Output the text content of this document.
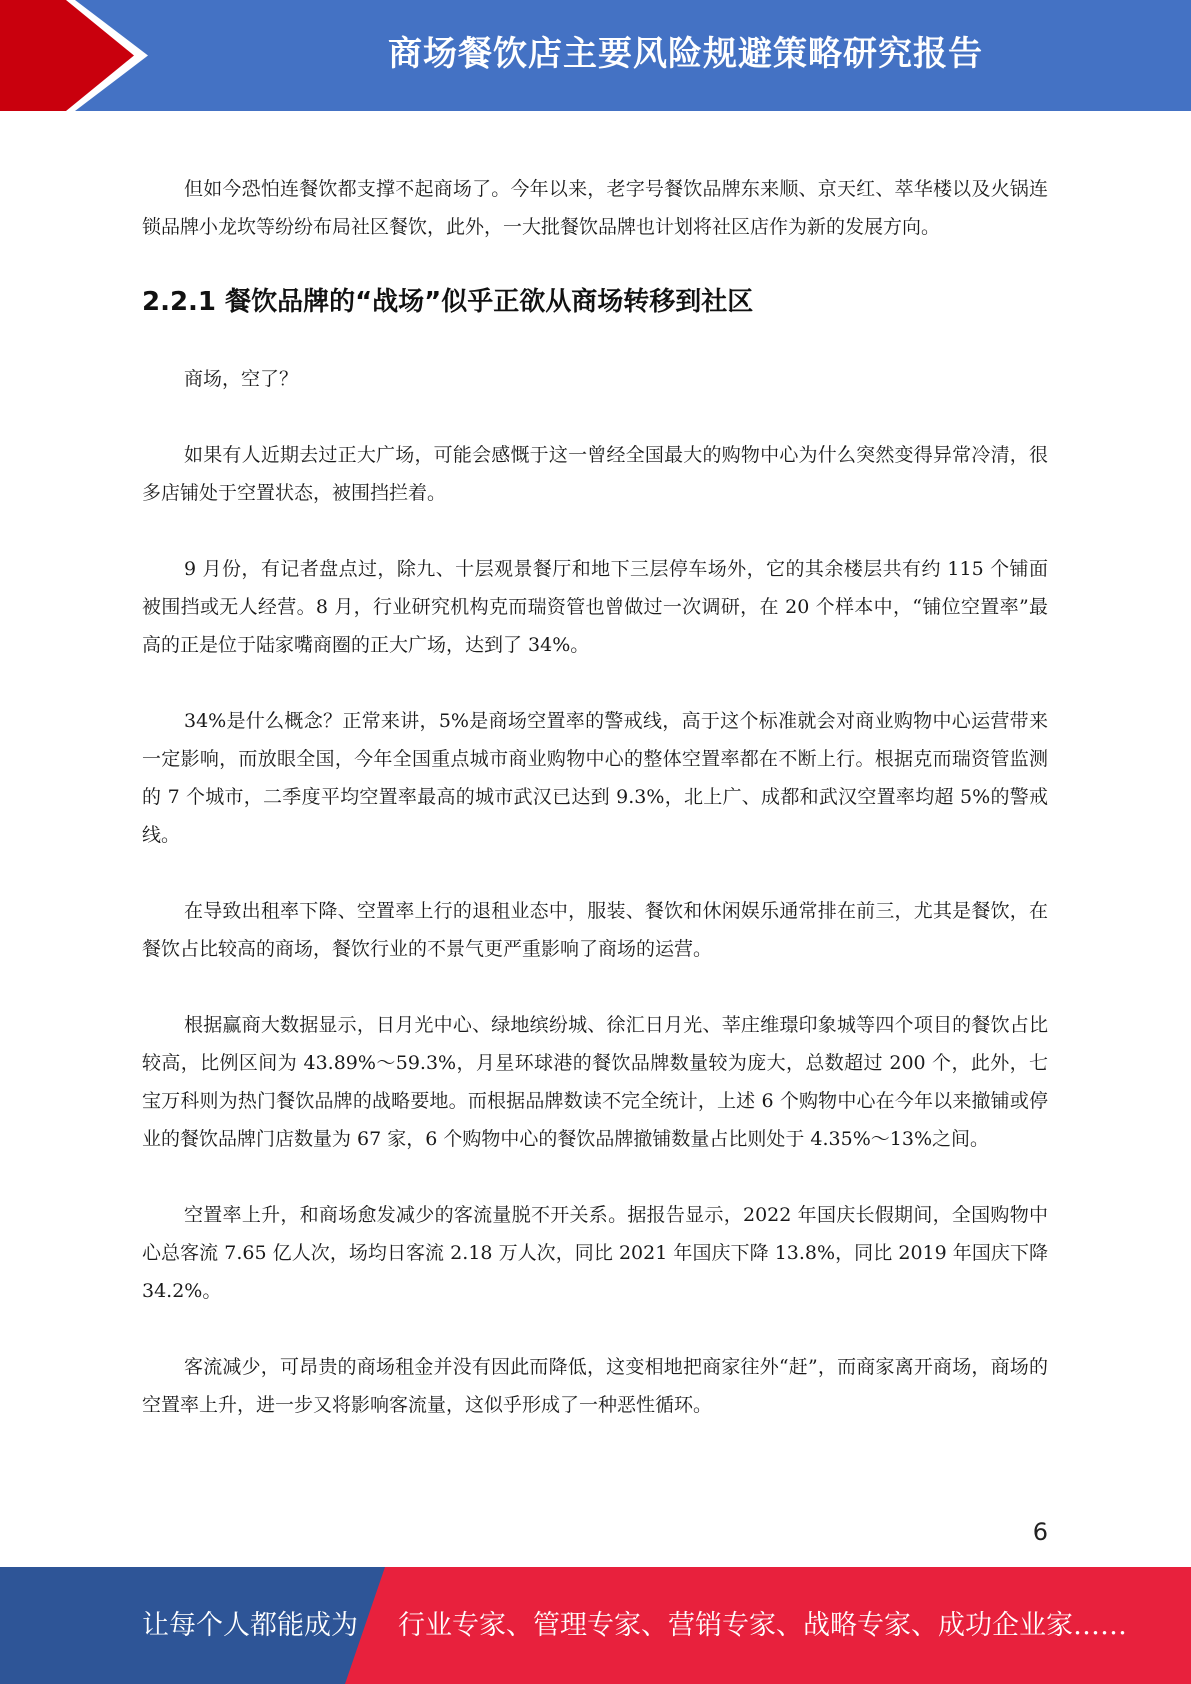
商场餐饮店主要风险规避策略研究报告

但如今恐怕连餐饮都支撑不起商场了。今年以来，老字号餐饮品牌东来顺、京天红、萃华楼以及火锅连锁品牌小龙坎等纷纷布局社区餐饮，此外，一大批餐饮品牌也计划将社区店作为新的发展方向。

2.2.1 餐饮品牌的“战场”似乎正欲从商场转移到社区

商场，空了？

如果有人近期去过正大广场，可能会感慨于这一曾经全国最大的购物中心为什么突然变得异常冷清，很多店铺处于空置状态，被围挡拦着。

9 月份，有记者盘点过，除九、十层观景餐厅和地下三层停车场外，它的其余楼层共有约 115 个铺面被围挡或无人经营。8 月，行业研究机构克而瑞资管也曾做过一次调研，在 20 个样本中，“铺位空置率”最高的正是位于陆家嘴商圈的正大广场，达到了 34%。

34%是什么概念？正常来讲，5%是商场空置率的警戒线，高于这个标准就会对商业购物中心运营带来一定影响，而放眼全国，今年全国重点城市商业购物中心的整体空置率都在不断上行。根据克而瑞资管监测的 7 个城市，二季度平均空置率最高的城市武汉已达到 9.3%，北上广、成都和武汉空置率均超 5%的警戒线。

在导致出租率下降、空置率上行的退租业态中，服装、餐饮和休闲娱乐通常排在前三，尤其是餐饮，在餐饮占比较高的商场，餐饮行业的不景气更严重影响了商场的运营。

根据赢商大数据显示，日月光中心、绿地缤纷城、徐汇日月光、莘庄维璟印象城等四个项目的餐饮占比较高，比例区间为 43.89%～59.3%，月星环球港的餐饮品牌数量较为庞大，总数超过 200 个，此外，七宝万科则为热门餐饮品牌的战略要地。而根据品牌数读不完全统计，上述 6 个购物中心在今年以来撤铺或停业的餐饮品牌门店数量为 67 家，6 个购物中心的餐饮品牌撤铺数量占比则处于 4.35%～13%之间。

空置率上升，和商场愈发减少的客流量脱不开关系。据报告显示，2022 年国庆长假期间，全国购物中心总客流 7.65 亿人次，场均日客流 2.18 万人次，同比 2021 年国庆下降 13.8%，同比 2019 年国庆下降 34.2%。

客流减少，可昂贵的商场租金并没有因此而降低，这变相地把商家往外“赶”，而商家离开商场，商场的空置率上升，进一步又将影响客流量，这似乎形成了一种恶性循环。

6
让每个人都能成为 行业专家、管理专家、营销专家、战略专家、成功企业家……
